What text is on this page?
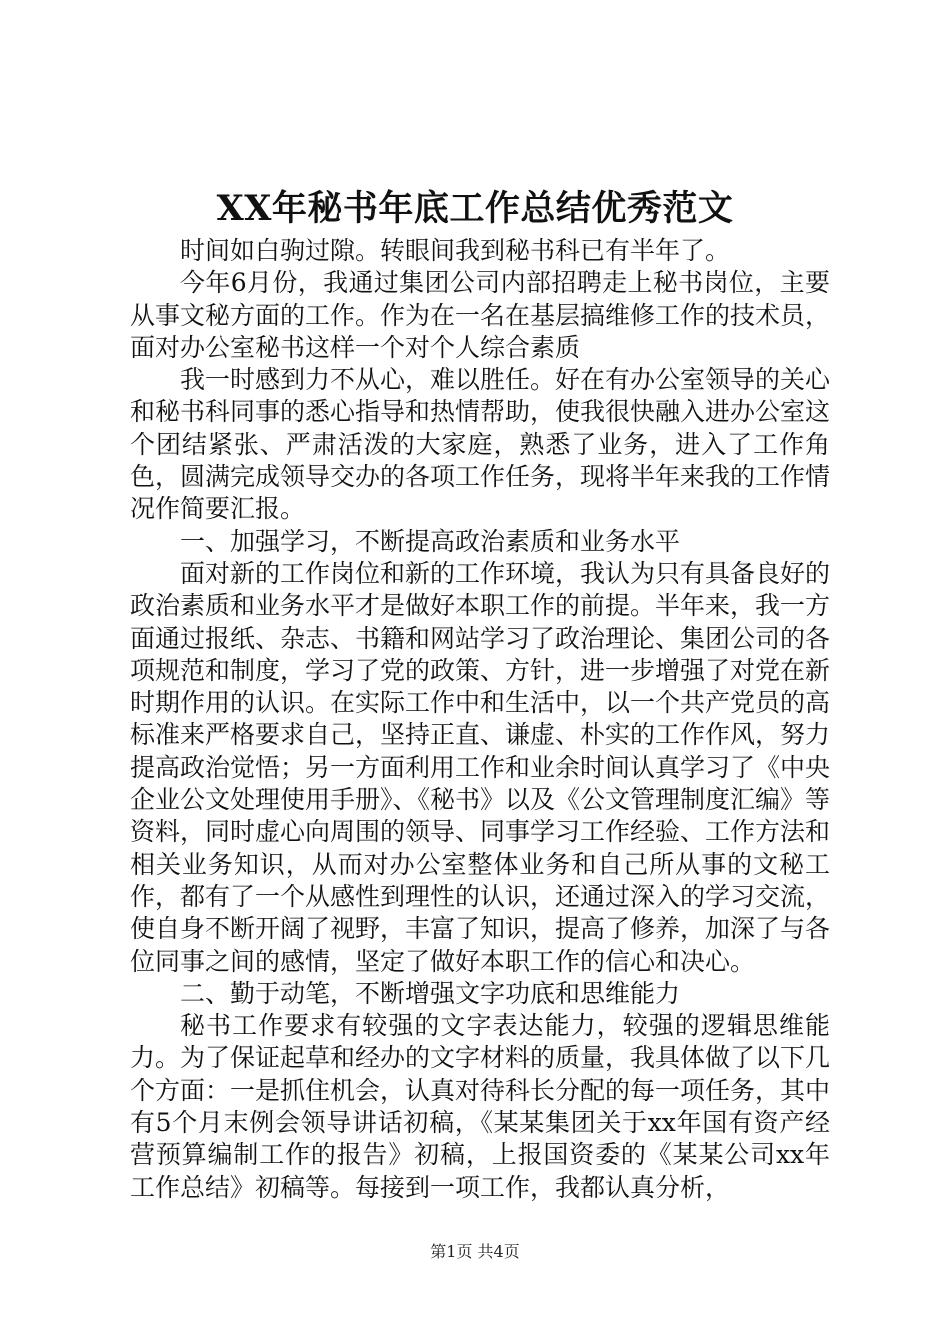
XX年秘书年底工作总结优秀范文

时间如白驹过隙。转眼间我到秘书科已有半年了。

今年6月份，我通过集团公司内部招聘走上秘书岗位，主要从事文秘方面的工作。作为在一名在基层搞维修工作的技术员，面对办公室秘书这样一个对个人综合素质

我一时感到力不从心，难以胜任。好在有办公室领导的关心和秘书科同事的悉心指导和热情帮助，使我很快融入进办公室这个团结紧张、严肃活泼的大家庭，熟悉了业务，进入了工作角色，圆满完成领导交办的各项工作任务，现将半年来我的工作情况作简要汇报。

一、加强学习，不断提高政治素质和业务水平

面对新的工作岗位和新的工作环境，我认为只有具备良好的政治素质和业务水平才是做好本职工作的前提。半年来，我一方面通过报纸、杂志、书籍和网站学习了政治理论、集团公司的各项规范和制度，学习了党的政策、方针，进一步增强了对党在新时期作用的认识。在实际工作中和生活中，以一个共产党员的高标准来严格要求自己，坚持正直、谦虚、朴实的工作作风，努力提高政治觉悟；另一方面利用工作和业余时间认真学习了《中央企业公文处理使用手册》、《秘书》以及《公文管理制度汇编》等资料，同时虚心向周围的领导、同事学习工作经验、工作方法和相关业务知识，从而对办公室整体业务和自己所从事的文秘工作，都有了一个从感性到理性的认识，还通过深入的学习交流，使自身不断开阔了视野，丰富了知识，提高了修养，加深了与各位同事之间的感情，坚定了做好本职工作的信心和决心。

二、勤于动笔，不断增强文字功底和思维能力

秘书工作要求有较强的文字表达能力，较强的逻辑思维能力。为了保证起草和经办的文字材料的质量，我具体做了以下几个方面：一是抓住机会，认真对待科长分配的每一项任务，其中有5个月末例会领导讲话初稿，《某某集团关于xx年国有资产经营预算编制工作的报告》初稿，上报国资委的《某某公司xx年工作总结》初稿等。每接到一项工作，我都认真分析，

第1页 共4页
